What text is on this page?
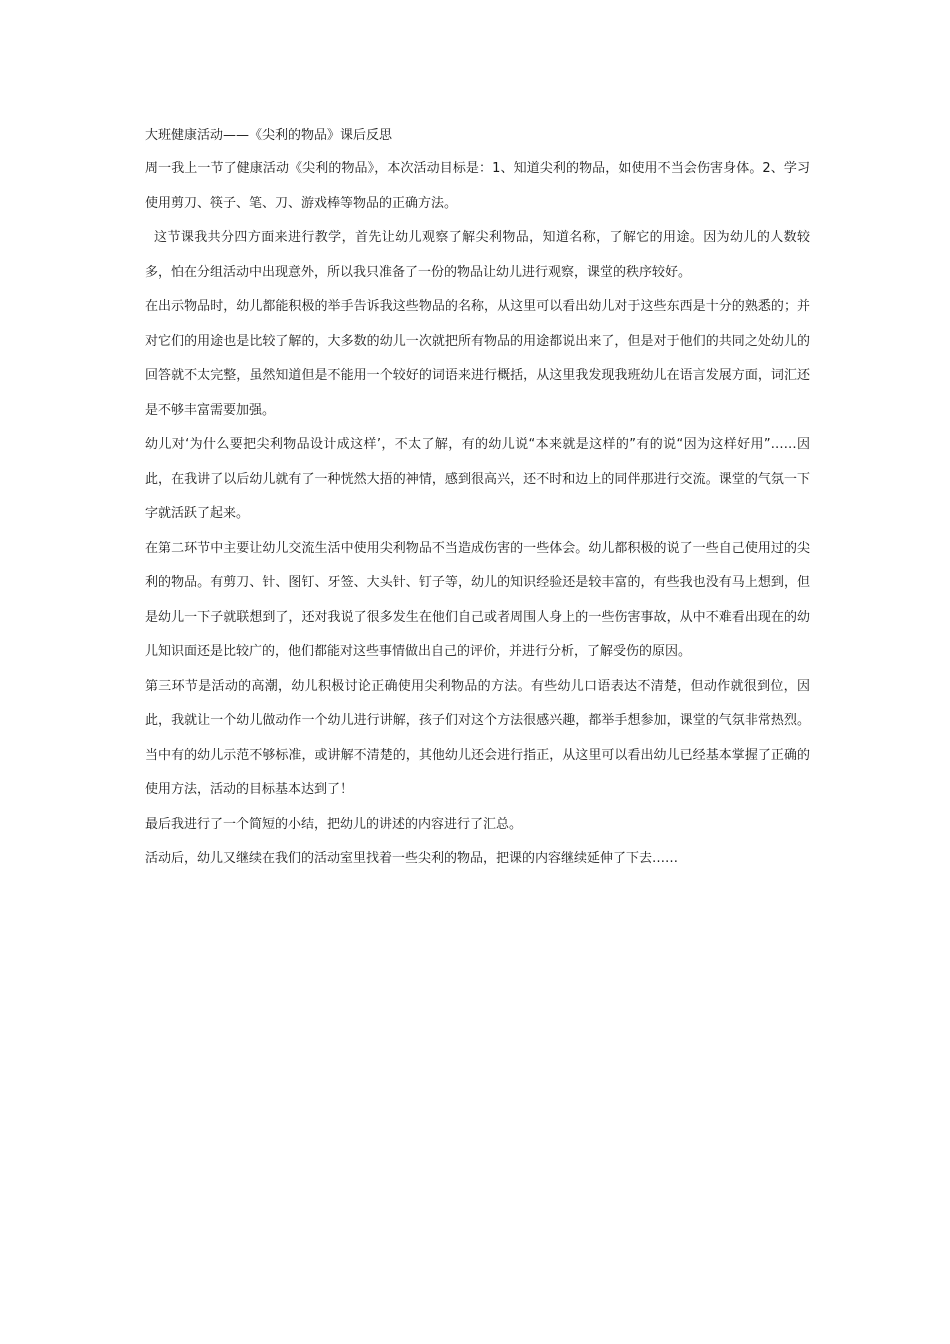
大班健康活动——《尖利的物品》课后反思

周一我上一节了健康活动《尖利的物品》，本次活动目标是：1、知道尖利的物品，如使用不当会伤害身体。2、学习使用剪刀、筷子、笔、刀、游戏棒等物品的正确方法。

这节课我共分四方面来进行教学，首先让幼儿观察了解尖利物品，知道名称，了解它的用途。因为幼儿的人数较多，怕在分组活动中出现意外，所以我只准备了一份的物品让幼儿进行观察，课堂的秩序较好。

在出示物品时，幼儿都能积极的举手告诉我这些物品的名称，从这里可以看出幼儿对于这些东西是十分的熟悉的；并对它们的用途也是比较了解的，大多数的幼儿一次就把所有物品的用途都说出来了，但是对于他们的共同之处幼儿的回答就不太完整，虽然知道但是不能用一个较好的词语来进行概括，从这里我发现我班幼儿在语言发展方面，词汇还是不够丰富需要加强。

幼儿对‘为什么要把尖利物品设计成这样’，不太了解，有的幼儿说“本来就是这样的”有的说“因为这样好用”……因此，在我讲了以后幼儿就有了一种恍然大捂的神情，感到很高兴，还不时和边上的同伴那进行交流。课堂的气氛一下字就活跃了起来。

在第二环节中主要让幼儿交流生活中使用尖利物品不当造成伤害的一些体会。幼儿都积极的说了一些自己使用过的尖利的物品。有剪刀、针、图钉、牙签、大头针、钉子等，幼儿的知识经验还是较丰富的，有些我也没有马上想到，但是幼儿一下子就联想到了，还对我说了很多发生在他们自己或者周围人身上的一些伤害事故，从中不难看出现在的幼儿知识面还是比较广的，他们都能对这些事情做出自己的评价，并进行分析，了解受伤的原因。

第三环节是活动的高潮，幼儿积极讨论正确使用尖利物品的方法。有些幼儿口语表达不清楚，但动作就很到位，因此，我就让一个幼儿做动作一个幼儿进行讲解，孩子们对这个方法很感兴趣，都举手想参加，课堂的气氛非常热烈。当中有的幼儿示范不够标准，或讲解不清楚的，其他幼儿还会进行指正，从这里可以看出幼儿已经基本掌握了正确的使用方法，活动的目标基本达到了！

最后我进行了一个简短的小结，把幼儿的讲述的内容进行了汇总。

活动后，幼儿又继续在我们的活动室里找着一些尖利的物品，把课的内容继续延伸了下去……
